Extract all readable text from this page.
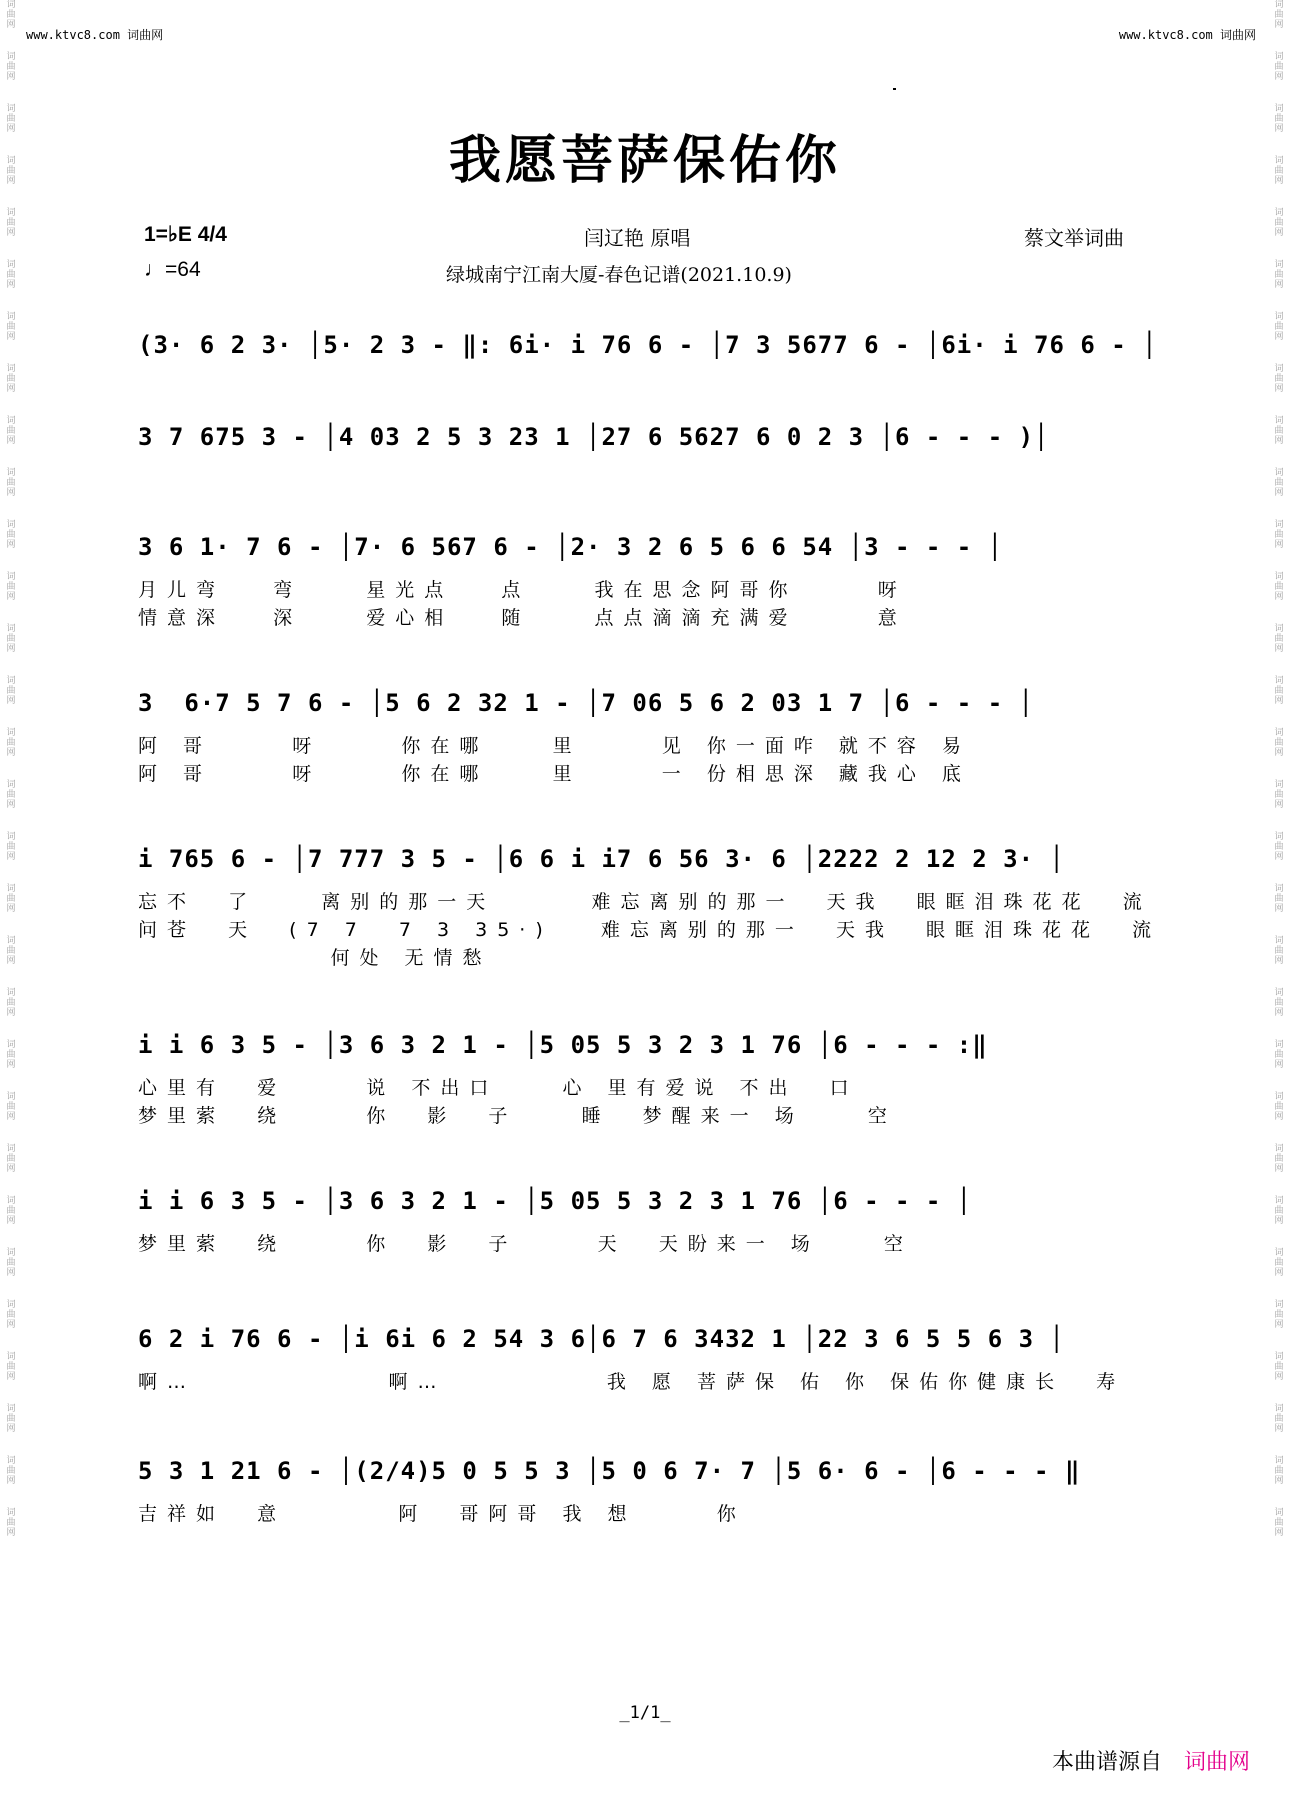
词
曲
网
词
曲
网
词
曲
网
词
曲
网
词
曲
网
词
曲
网
词
曲
网
词
曲
网
词
曲
网
词
曲
网
词
曲
网
词
曲
网
词
曲
网
词
曲
网
词
曲
网
词
曲
网
词
曲
网
词
曲
网
词
曲
网
词
曲
网
词
曲
网
词
曲
网
词
曲
网
词
曲
网
词
曲
网
词
曲
网
词
曲
网
词
曲
网
词
曲
网
词
曲
网
词
曲
网
词
曲
网
词
曲
网
词
曲
网
词
曲
网
词
曲
网
词
曲
网
词
曲
网
词
曲
网
词
曲
网
词
曲
网
词
曲
网
词
曲
网
词
曲
网
词
曲
网
词
曲
网
词
曲
网
词
曲
网
词
曲
网
词
曲
网
词
曲
网
词
曲
网
词
曲
网
词
曲
网
词
曲
网
词
曲
网
词
曲
网
词
曲
网
词
曲
网
词
曲
网
www.ktvc8.com 词曲网	www.ktvc8.com 词曲网
我愿菩萨保佑你
1=♭E 4/4
♩=64
闫辽艳 原唱	蔡文举词曲
绿城南宁江南大厦-春色记谱(2021.10.9)
(3· 6 2 3· │5· 2 3 - ‖: 6i· i 76 6 - │7 3 5677 6 - │6i· i 76 6 - │
3 7 675 3 - │4 03 2 5 3 23 1 │27 6 5627 6 0 2 3 │6 - - - )│
3 6 1· 7 6 - │7· 6 567 6 - │2· 3 2 6 5 6 6 54 │3 - - - │
月儿弯   弯    星光点   点    我在思念阿哥你     呀
情意深   深    爱心相   随    点点滴滴充满爱     意
3  6·7 5 7 6 - │5 6 2 32 1 - │7 06 5 6 2 03 1 7 │6 - - - │
阿 哥     呀     你在哪    里     见 你一面咋 就不容 易
阿 哥     呀     你在哪    里     一 份相思深 藏我心 底
i 765 6 - │7 777 3 5 - │6 6 i i7 6 56 3· 6 │2222 2 12 2 3· │
忘不  了    离别的那一天      难忘离别的那一  天我  眼眶泪珠花花  流
问苍  天  (7 7  7 3 35·)   难忘离别的那一  天我  眼眶泪珠花花  流
何处 无情愁
i i 6 3 5 - │3 6 3 2 1 - │5 05 5 3 2 3 1 76 │6 - - - :‖
心里有  爱     说 不出口    心 里有爱说 不出  口
梦里萦  绕     你  影  子    睡  梦醒来一 场    空
i i 6 3 5 - │3 6 3 2 1 - │5 05 5 3 2 3 1 76 │6 - - - │
梦里萦  绕     你  影  子     天  天盼来一 场    空
6 2 i 76 6 - │i 6i 6 2 54 3 6│6 7 6 3432 1 │22 3 6 5 5 6 3 │
啊…            啊…          我 愿 菩萨保 佑 你 保佑你健康长  寿
5 3 1 21 6 - │(2/4)5 0 5 5 3 │5 0 6 7· 7 │5 6· 6 - │6 - - - ‖
吉祥如  意       阿  哥阿哥 我 想     你
_1/1_
本曲谱源自 词曲网
